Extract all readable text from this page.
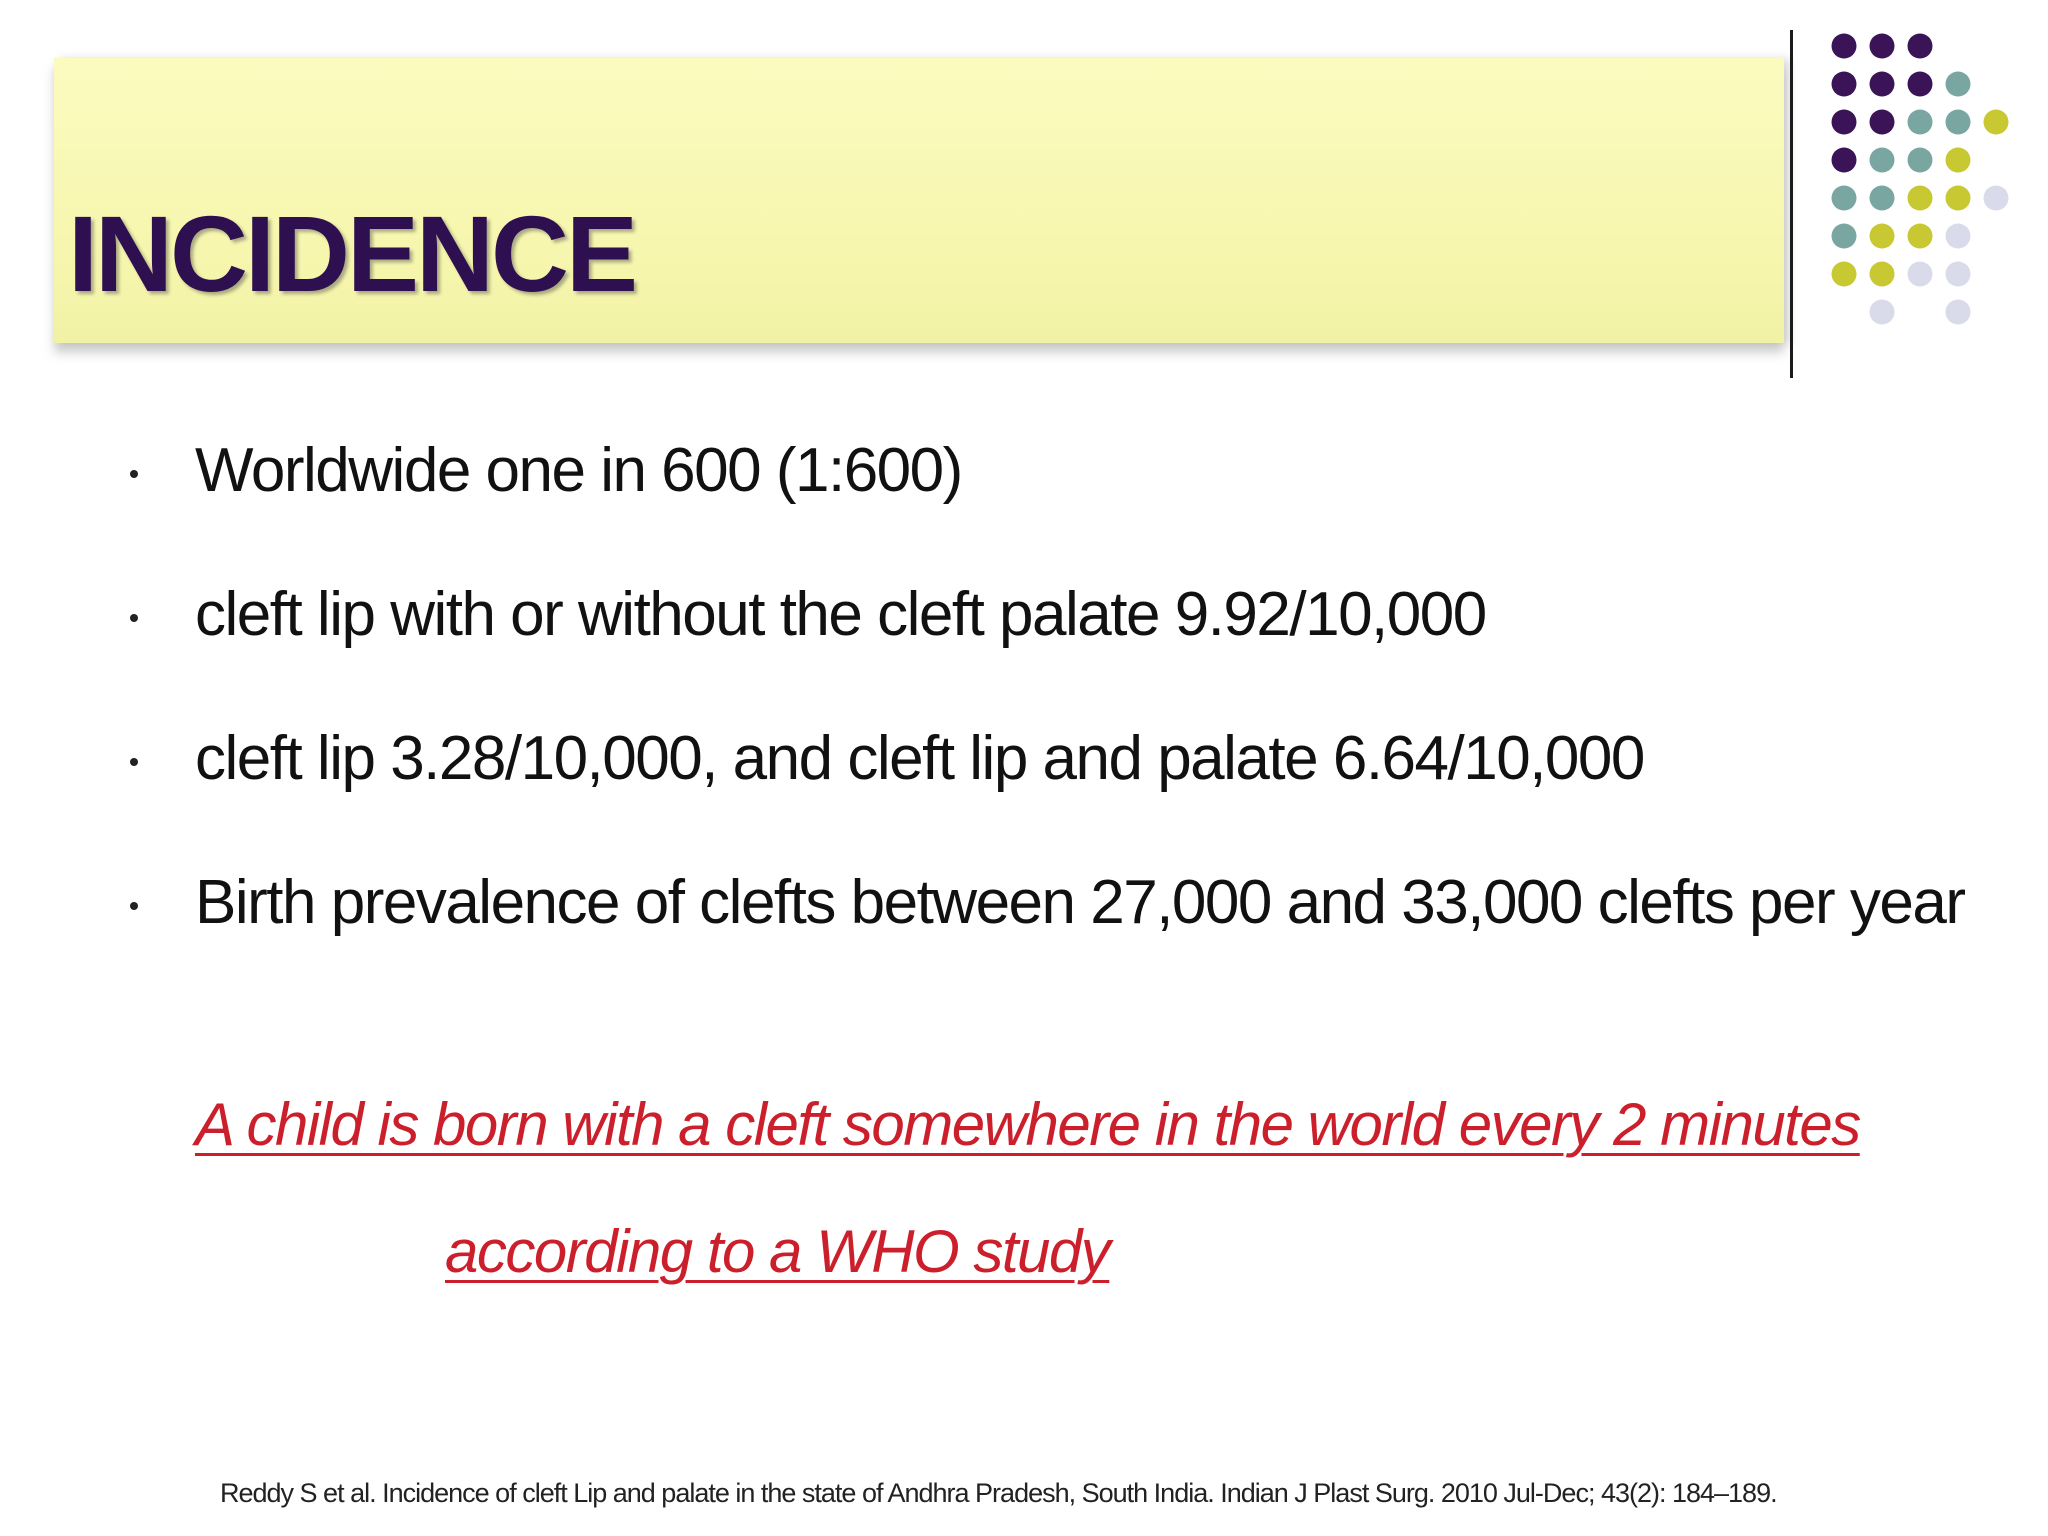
INCIDENCE
Worldwide one in 600 (1:600)
cleft lip with or without the cleft palate 9.92/10,000
cleft lip 3.28/10,000, and cleft lip and palate 6.64/10,000
Birth prevalence of clefts between 27,000 and 33,000 clefts per year
A child is born with a cleft somewhere in the world every 2 minutes
according to a WHO study
Reddy S et al. Incidence of cleft Lip and palate in the state of Andhra Pradesh, South India. Indian J Plast Surg. 2010 Jul-Dec; 43(2): 184–189.
